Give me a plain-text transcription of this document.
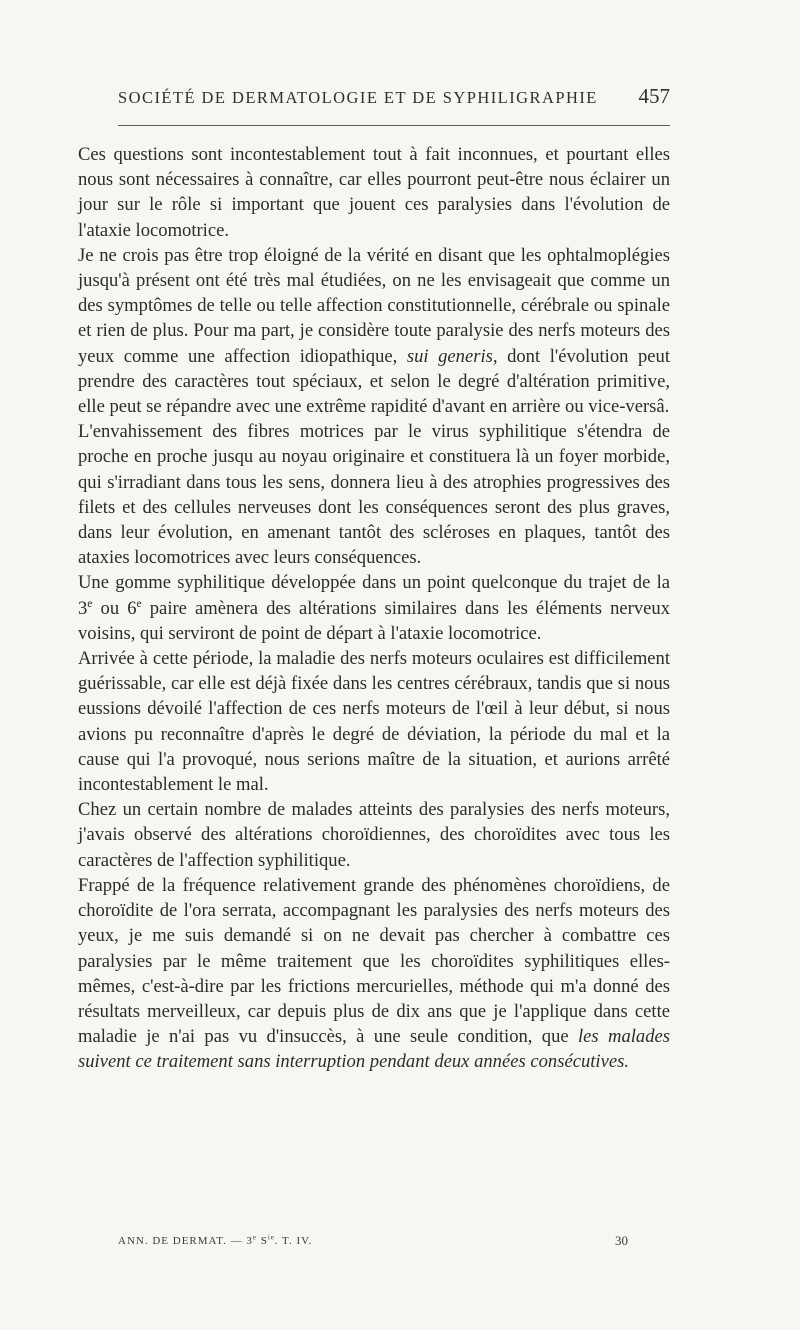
SOCIÉTÉ DE DERMATOLOGIE ET DE SYPHILIGRAPHIE 457

Ces questions sont incontestablement tout à fait inconnues, et pourtant elles nous sont nécessaires à connaître, car elles pourront peut-être nous éclairer un jour sur le rôle si important que jouent ces paralysies dans l'évolution de l'ataxie locomotrice.

Je ne crois pas être trop éloigné de la vérité en disant que les ophtalmoplégies jusqu'à présent ont été très mal étudiées, on ne les envisageait que comme un des symptômes de telle ou telle affection constitutionnelle, cérébrale ou spinale et rien de plus. Pour ma part, je considère toute paralysie des nerfs moteurs des yeux comme une affection idiopathique, sui generis, dont l'évolution peut prendre des caractères tout spéciaux, et selon le degré d'altération primitive, elle peut se répandre avec une extrême rapidité d'avant en arrière ou vice-versâ.

L'envahissement des fibres motrices par le virus syphilitique s'étendra de proche en proche jusqu au noyau originaire et constituera là un foyer morbide, qui s'irradiant dans tous les sens, donnera lieu à des atrophies progressives des filets et des cellules nerveuses dont les conséquences seront des plus graves, dans leur évolution, en amenant tantôt des scléroses en plaques, tantôt des ataxies locomotrices avec leurs conséquences.

Une gomme syphilitique développée dans un point quelconque du trajet de la 3e ou 6e paire amènera des altérations similaires dans les éléments nerveux voisins, qui serviront de point de départ à l'ataxie locomotrice.

Arrivée à cette période, la maladie des nerfs moteurs oculaires est difficilement guérissable, car elle est déjà fixée dans les centres cérébraux, tandis que si nous eussions dévoilé l'affection de ces nerfs moteurs de l'œil à leur début, si nous avions pu reconnaître d'après le degré de déviation, la période du mal et la cause qui l'a provoqué, nous serions maître de la situation, et aurions arrêté incontestablement le mal.

Chez un certain nombre de malades atteints des paralysies des nerfs moteurs, j'avais observé des altérations choroïdiennes, des choroïdites avec tous les caractères de l'affection syphilitique.

Frappé de la fréquence relativement grande des phénomènes choroïdiens, de choroïdite de l'ora serrata, accompagnant les paralysies des nerfs moteurs des yeux, je me suis demandé si on ne devait pas chercher à combattre ces paralysies par le même traitement que les choroïdites syphilitiques elles-mêmes, c'est-à-dire par les frictions mercurielles, méthode qui m'a donné des résultats merveilleux, car depuis plus de dix ans que je l'applique dans cette maladie je n'ai pas vu d'insuccès, à une seule condition, que les malades suivent ce traitement sans interruption pendant deux années consécutives.

ANN. DE DERMAT. — 3e $S^{ie}$. T. IV.	30
